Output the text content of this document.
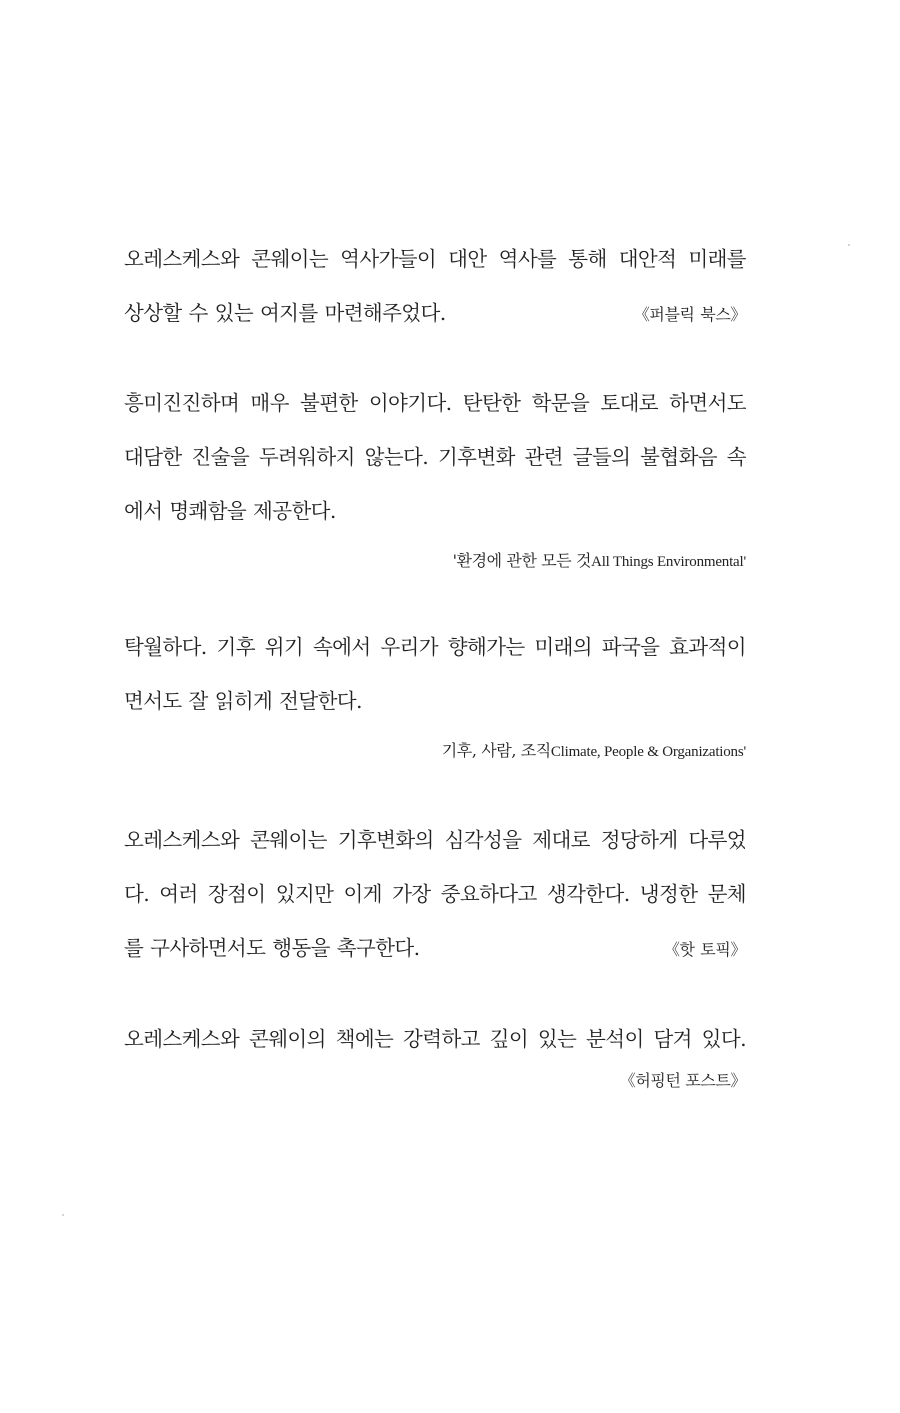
오레스케스와 콘웨이는 역사가들이 대안 역사를 통해 대안적 미래를
상상할 수 있는 여지를 마련해주었다.	《퍼블릭 북스》
흥미진진하며 매우 불편한 이야기다. 탄탄한 학문을 토대로 하면서도
대담한 진술을 두려워하지 않는다. 기후변화 관련 글들의 불협화음 속
에서 명쾌함을 제공한다.
'환경에 관한 모든 것All Things Environmental'
탁월하다. 기후 위기 속에서 우리가 향해가는 미래의 파국을 효과적이
면서도 잘 읽히게 전달한다.
기후, 사람, 조직Climate, People & Organizations'
오레스케스와 콘웨이는 기후변화의 심각성을 제대로 정당하게 다루었
다. 여러 장점이 있지만 이게 가장 중요하다고 생각한다. 냉정한 문체
를 구사하면서도 행동을 촉구한다.	《핫 토픽》
오레스케스와 콘웨이의 책에는 강력하고 깊이 있는 분석이 담겨 있다.
《허핑턴 포스트》
